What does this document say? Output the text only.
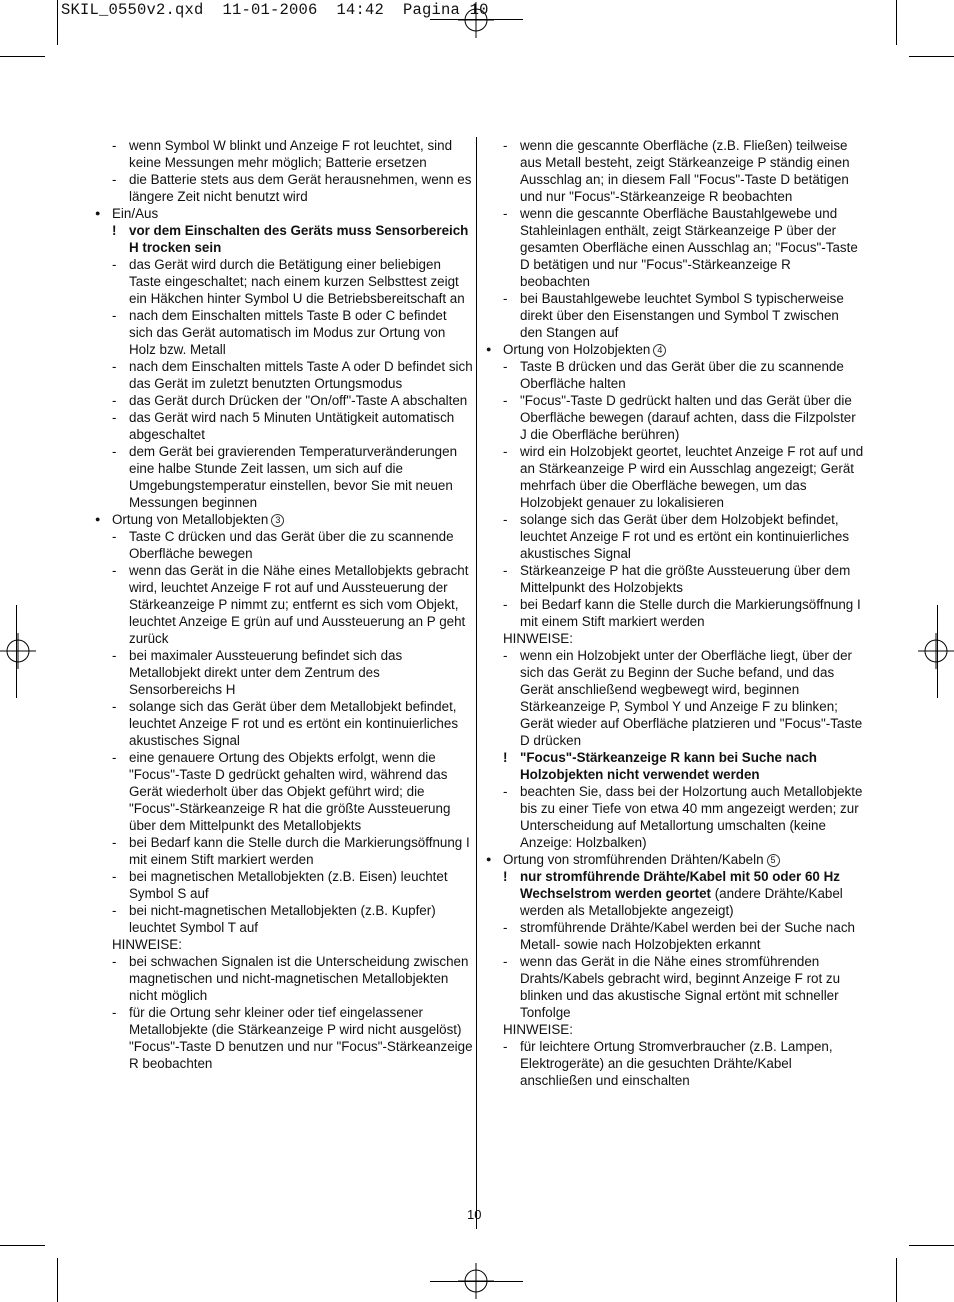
SKIL_0550v2.qxd  11-01-2006  14:42  Pagina 10
- wenn Symbol W blinkt und Anzeige F rot leuchtet, sind keine Messungen mehr möglich; Batterie ersetzen
- die Batterie stets aus dem Gerät herausnehmen, wenn es längere Zeit nicht benutzt wird
● Ein/Aus
! vor dem Einschalten des Geräts muss Sensorbereich H trocken sein
- das Gerät wird durch die Betätigung einer beliebigen Taste eingeschaltet; nach einem kurzen Selbsttest zeigt ein Häkchen hinter Symbol U die Betriebsbereitschaft an
- nach dem Einschalten mittels Taste B oder C befindet sich das Gerät automatisch im Modus zur Ortung von Holz bzw. Metall
- nach dem Einschalten mittels Taste A oder D befindet sich das Gerät im zuletzt benutzten Ortungsmodus
- das Gerät durch Drücken der "On/off"-Taste A abschalten
- das Gerät wird nach 5 Minuten Untätigkeit automatisch abgeschaltet
- dem Gerät bei gravierenden Temperaturveränderungen eine halbe Stunde Zeit lassen, um sich auf die Umgebungstemperatur einstellen, bevor Sie mit neuen Messungen beginnen
● Ortung von Metallobjekten 3
- Taste C drücken und das Gerät über die zu scannende Oberfläche bewegen
- wenn das Gerät in die Nähe eines Metallobjekts gebracht wird, leuchtet Anzeige F rot auf und Aussteuerung der Stärkeanzeige P nimmt zu; entfernt es sich vom Objekt, leuchtet Anzeige E grün auf und Aussteuerung an P geht zurück
- bei maximaler Aussteuerung befindet sich das Metallobjekt direkt unter dem Zentrum des Sensorbereichs H
- solange sich das Gerät über dem Metallobjekt befindet, leuchtet Anzeige F rot und es ertönt ein kontinuierliches akustisches Signal
- eine genauere Ortung des Objekts erfolgt, wenn die "Focus"-Taste D gedrückt gehalten wird, während das Gerät wiederholt über das Objekt geführt wird; die "Focus"-Stärkeanzeige R hat die größte Aussteuerung über dem Mittelpunkt des Metallobjekts
- bei Bedarf kann die Stelle durch die Markierungsöffnung I mit einem Stift markiert werden
- bei magnetischen Metallobjekten (z.B. Eisen) leuchtet Symbol S auf
- bei nicht-magnetischen Metallobjekten (z.B. Kupfer) leuchtet Symbol T auf
HINWEISE:
- bei schwachen Signalen ist die Unterscheidung zwischen magnetischen und nicht-magnetischen Metallobjekten nicht möglich
- für die Ortung sehr kleiner oder tief eingelassener Metallobjekte (die Stärkeanzeige P wird nicht ausgelöst) "Focus"-Taste D benutzen und nur "Focus"-Stärkeanzeige R beobachten
- wenn die gescannte Oberfläche (z.B. Fließen) teilweise aus Metall besteht, zeigt Stärkeanzeige P ständig einen Ausschlag an; in diesem Fall "Focus"-Taste D betätigen und nur "Focus"-Stärkeanzeige R beobachten
- wenn die gescannte Oberfläche Baustahlgewebe und Stahleinlagen enthält, zeigt Stärkeanzeige P über der gesamten Oberfläche einen Ausschlag an; "Focus"-Taste D betätigen und nur "Focus"-Stärkeanzeige R beobachten
- bei Baustahlgewebe leuchtet Symbol S typischerweise direkt über den Eisenstangen und Symbol T zwischen den Stangen auf
● Ortung von Holzobjekten 4
- Taste B drücken und das Gerät über die zu scannende Oberfläche halten
- "Focus"-Taste D gedrückt halten und das Gerät über die Oberfläche bewegen (darauf achten, dass die Filzpolster J die Oberfläche berühren)
- wird ein Holzobjekt geortet, leuchtet Anzeige F rot auf und an Stärkeanzeige P wird ein Ausschlag angezeigt; Gerät mehrfach über die Oberfläche bewegen, um das Holzobjekt genauer zu lokalisieren
- solange sich das Gerät über dem Holzobjekt befindet, leuchtet Anzeige F rot und es ertönt ein kontinuierliches akustisches Signal
- Stärkeanzeige P hat die größte Aussteuerung über dem Mittelpunkt des Holzobjekts
- bei Bedarf kann die Stelle durch die Markierungsöffnung I mit einem Stift markiert werden
HINWEISE:
- wenn ein Holzobjekt unter der Oberfläche liegt, über der sich das Gerät zu Beginn der Suche befand, und das Gerät anschließend wegbewegt wird, beginnen Stärkeanzeige P, Symbol Y und Anzeige F zu blinken; Gerät wieder auf Oberfläche platzieren und "Focus"-Taste D drücken
! "Focus"-Stärkeanzeige R kann bei Suche nach Holzobjekten nicht verwendet werden
- beachten Sie, dass bei der Holzortung auch Metallobjekte bis zu einer Tiefe von etwa 40 mm angezeigt werden; zur Unterscheidung auf Metallortung umschalten (keine Anzeige: Holzbalken)
● Ortung von stromführenden Drähten/Kabeln 5
! nur stromführende Drähte/Kabel mit 50 oder 60 Hz Wechselstrom werden geortet (andere Drähte/Kabel werden als Metallobjekte angezeigt)
- stromführende Drähte/Kabel werden bei der Suche nach Metall- sowie nach Holzobjekten erkannt
- wenn das Gerät in die Nähe eines stromführenden Drahts/Kabels gebracht wird, beginnt Anzeige F rot zu blinken und das akustische Signal ertönt mit schneller Tonfolge
HINWEISE:
- für leichtere Ortung Stromverbraucher (z.B. Lampen, Elektrogeräte) an die gesuchten Drähte/Kabel anschließen und einschalten
10
